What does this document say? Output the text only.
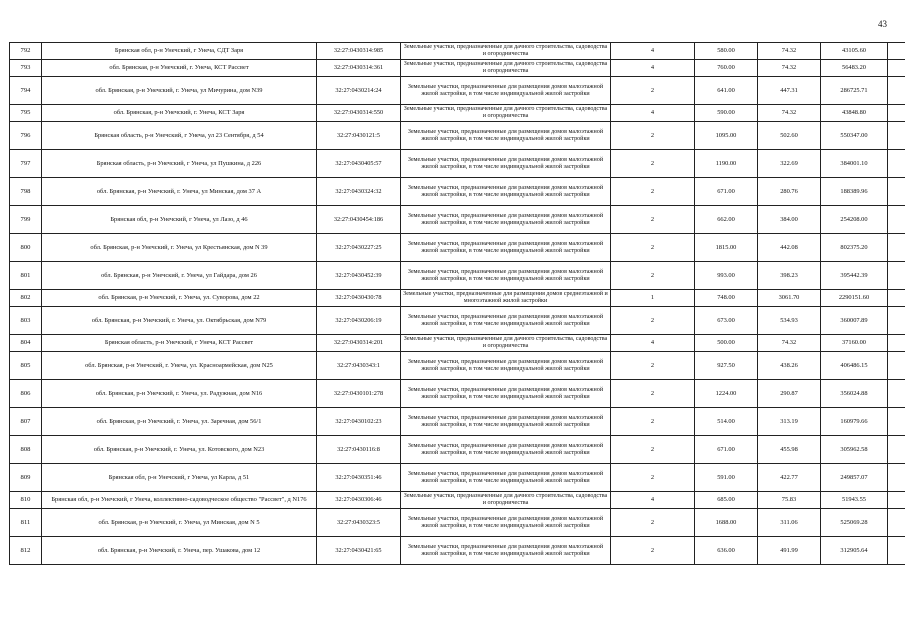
43
792	Брянская обл, р-н Унечский, г Унеча, СДТ Заря	32:27:0430314:985	Земельные участки, предназначенные для дачного строительства, садоводства и огородничества	4	580.00	74.32	43105.60		
793	обл. Брянская, р-н Унечский, г. Унеча, КСТ Рассвет	32:27:0430314:361	Земельные участки, предназначенные для дачного строительства, садоводства и огородничества	4	760.00	74.32	56483.20		
794	обл. Брянская, р-н Унечский, г. Унеча, ул Мичурина, дом N39	32:27:0430214:24	Земельные участки, предназначенные для размещения домов малоэтажной жилой застройки, в том числе индивидуальной жилой застройки	2	641.00	447.31	286725.71		
795	обл. Брянская, р-н Унечский, г. Унеча, КСТ Заря	32:27:0430314:550	Земельные участки, предназначенные для дачного строительства, садоводства и огородничества	4	590.00	74.32	43848.80		
796	Брянская область, р-н Унечский, г Унеча, ул 23 Сентября, д 54	32:27:0430121:5	Земельные участки, предназначенные для размещения домов малоэтажной жилой застройки, в том числе индивидуальной жилой застройки	2	1095.00	502.60	550347.00		
797	Брянская область, р-н Унечский, г Унеча, ул Пушкина, д 226	32:27:0430405:57	Земельные участки, предназначенные для размещения домов малоэтажной жилой застройки, в том числе индивидуальной жилой застройки	2	1190.00	322.69	384001.10		
798	обл. Брянская, р-н Унечский, г. Унеча, ул Минская, дом 37 А	32:27:0430324:32	Земельные участки, предназначенные для размещения домов малоэтажной жилой застройки, в том числе индивидуальной жилой застройки	2	671.00	280.76	188389.96		
799	Брянская обл, р-н Унечский, г Унеча, ул Лазо, д 46	32:27:0430454:186	Земельные участки, предназначенные для размещения домов малоэтажной жилой застройки, в том числе индивидуальной жилой застройки	2	662.00	384.00	254208.00		
800	обл. Брянская, р-н Унечский, г. Унеча, ул Крестьянская, дом N 39	32:27:0430227:25	Земельные участки, предназначенные для размещения домов малоэтажной жилой застройки, в том числе индивидуальной жилой застройки	2	1815.00	442.08	802375.20		
801	обл. Брянская, р-н Унечский, г. Унеча, ул Гайдара, дом 26	32:27:0430452:39	Земельные участки, предназначенные для размещения домов малоэтажной жилой застройки, в том числе индивидуальной жилой застройки	2	993.00	398.23	395442.39		
802	обл. Брянская, р-н Унечский, г. Унеча, ул. Суворова, дом 22	32:27:0430430:78	Земельные участки, предназначенные для размещения домов среднеэтажной и многоэтажной жилой застройки	1	748.00	3061.70	2290151.60		
803	обл. Брянская, р-н Унечский, г. Унеча, ул. Октябрьская, дом N79	32:27:0430206:19	Земельные участки, предназначенные для размещения домов малоэтажной жилой застройки, в том числе индивидуальной жилой застройки	2	673.00	534.93	360007.89		
804	Брянская область, р-н Унечский, г Унеча, КСТ Рассвет	32:27:0430314:201	Земельные участки, предназначенные для дачного строительства, садоводства и огородничества	4	500.00	74.32	37160.00		
805	обл. Брянская, р-н Унечский, г. Унеча, ул. Красноармейская, дом N25	32:27:0430343:1	Земельные участки, предназначенные для размещения домов малоэтажной жилой застройки, в том числе индивидуальной жилой застройки	2	927.50	438.26	406486.15		
806	обл. Брянская, р-н Унечский, г. Унеча, ул. Радужная, дом N16	32:27:0430101:278	Земельные участки, предназначенные для размещения домов малоэтажной жилой застройки, в том числе индивидуальной жилой застройки	2	1224.00	290.87	356024.88		
807	обл. Брянская, р-н Унечский, г. Унеча, ул. Заречная, дом 56/1	32:27:0430102:23	Земельные участки, предназначенные для размещения домов малоэтажной жилой застройки, в том числе индивидуальной жилой застройки	2	514.00	313.19	160979.66		
808	обл. Брянская, р-н Унечский, г. Унеча, ул. Котовского, дом N23	32:27:0430116:8	Земельные участки, предназначенные для размещения домов малоэтажной жилой застройки, в том числе индивидуальной жилой застройки	2	671.00	455.98	305962.58		
809	Брянская обл, р-н Унечский, г Унеча, ул Карла, д 51	32:27:0430351:46	Земельные участки, предназначенные для размещения домов малоэтажной жилой застройки, в том числе индивидуальной жилой застройки	2	591.00	422.77	249857.07		
810	Брянская обл, р-н Унечский, г Унеча, коллективно-садоводческое общество "Рассвет", д N176	32:27:0430306:46	Земельные участки, предназначенные для дачного строительства, садоводства и огородничества	4	685.00	75.83	51943.55		
811	обл. Брянская, р-н Унечский, г. Унеча, ул Минская, дом N 5	32:27:0430323:5	Земельные участки, предназначенные для размещения домов малоэтажной жилой застройки, в том числе индивидуальной жилой застройки	2	1688.00	311.06	525069.28		
812	обл. Брянская, р-н Унечский, г. Унеча, пер. Ушакова, дом 12	32:27:0430421:65	Земельные участки, предназначенные для размещения домов малоэтажной жилой застройки, в том числе индивидуальной жилой застройки	2	636.00	491.99	312905.64		
